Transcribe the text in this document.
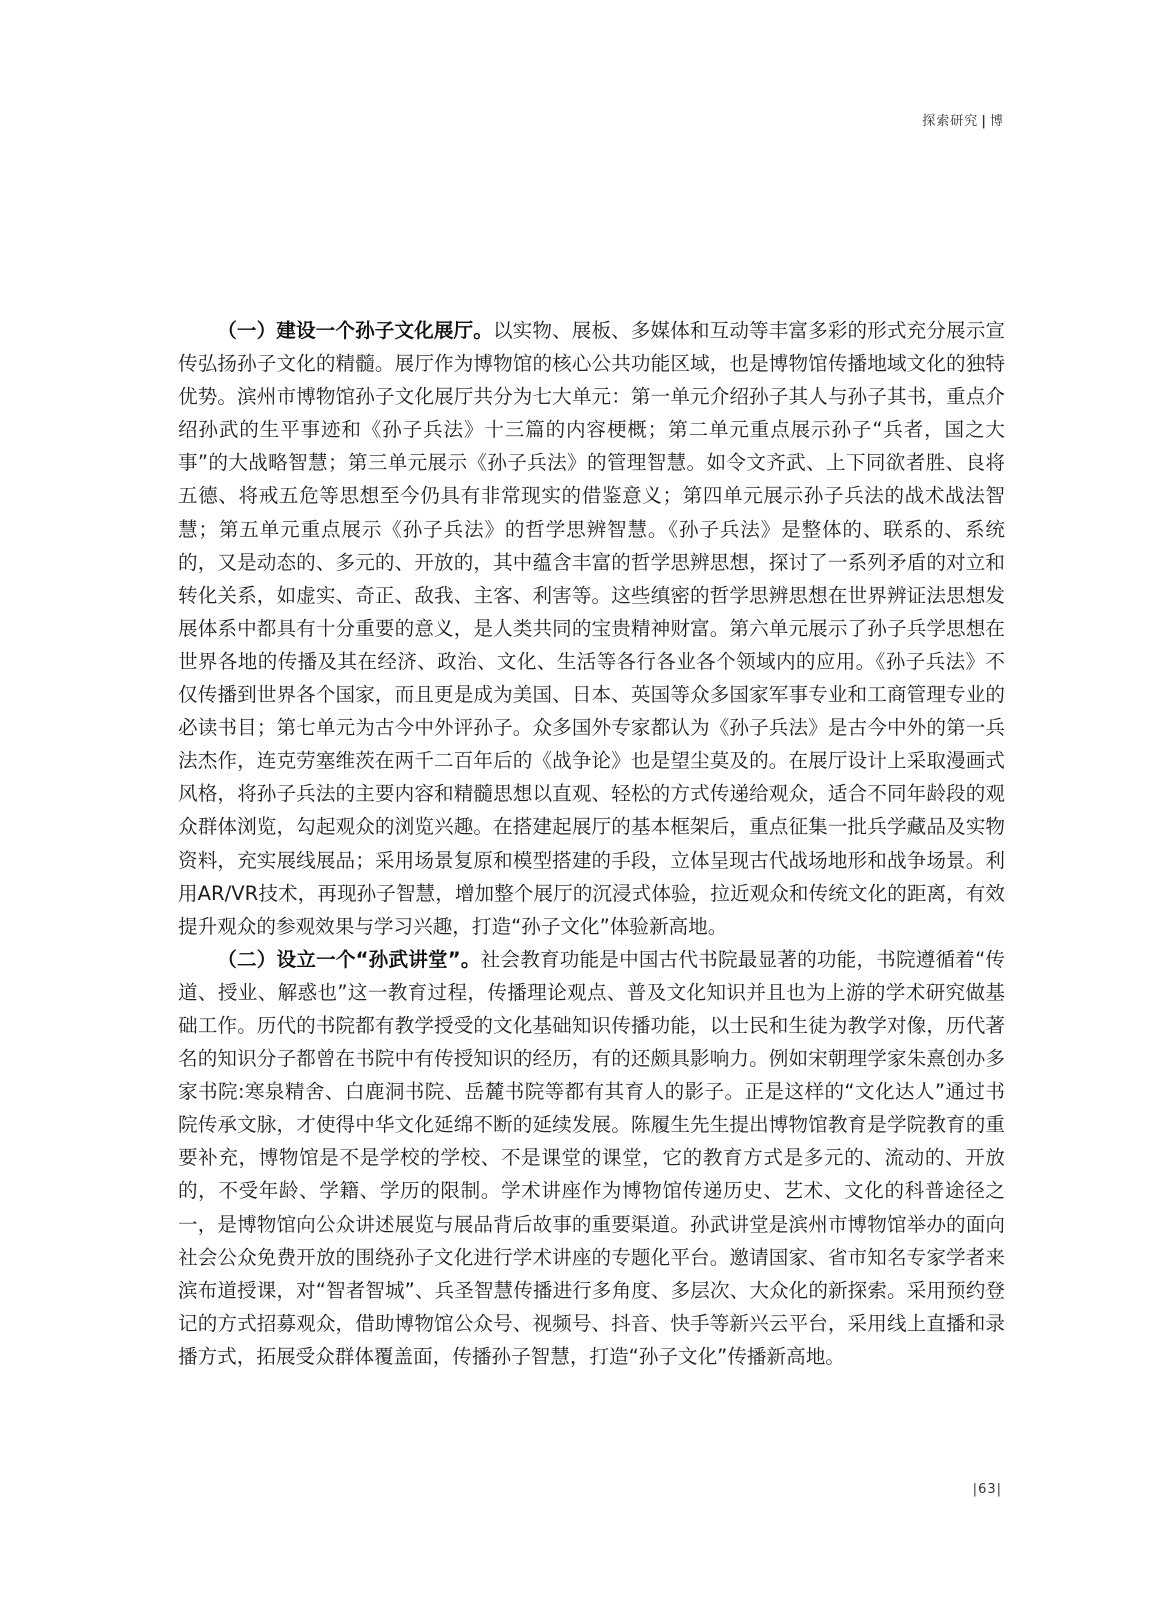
探索研究 | 博

（一）建设一个孙子文化展厅。以实物、展板、多媒体和互动等丰富多彩的形式充分展示宣传弘扬孙子文化的精髓。展厅作为博物馆的核心公共功能区域，也是博物馆传播地域文化的独特优势。滨州市博物馆孙子文化展厅共分为七大单元：第一单元介绍孙子其人与孙子其书，重点介绍孙武的生平事迹和《孙子兵法》十三篇的内容梗概；第二单元重点展示孙子“兵者，国之大事”的大战略智慧；第三单元展示《孙子兵法》的管理智慧。如令文齐武、上下同欲者胜、良将五德、将戒五危等思想至今仍具有非常现实的借鉴意义；第四单元展示孙子兵法的战术战法智慧；第五单元重点展示《孙子兵法》的哲学思辨智慧。《孙子兵法》是整体的、联系的、系统的，又是动态的、多元的、开放的，其中蕴含丰富的哲学思辨思想，探讨了一系列矛盾的对立和转化关系，如虚实、奇正、敌我、主客、利害等。这些缜密的哲学思辨思想在世界辨证法思想发展体系中都具有十分重要的意义，是人类共同的宝贵精神财富。第六单元展示了孙子兵学思想在世界各地的传播及其在经济、政治、文化、生活等各行各业各个领域内的应用。《孙子兵法》不仅传播到世界各个国家，而且更是成为美国、日本、英国等众多国家军事专业和工商管理专业的必读书目；第七单元为古今中外评孙子。众多国外专家都认为《孙子兵法》是古今中外的第一兵法杰作，连克劳塞维茨在两千二百年后的《战争论》也是望尘莫及的。在展厅设计上采取漫画式风格，将孙子兵法的主要内容和精髓思想以直观、轻松的方式传递给观众，适合不同年龄段的观众群体浏览，勾起观众的浏览兴趣。在搭建起展厅的基本框架后，重点征集一批兵学藏品及实物资料，充实展线展品；采用场景复原和模型搭建的手段，立体呈现古代战场地形和战争场景。利用AR/VR技术，再现孙子智慧，增加整个展厅的沉浸式体验，拉近观众和传统文化的距离，有效提升观众的参观效果与学习兴趣，打造“孙子文化”体验新高地。

（二）设立一个“孙武讲堂”。社会教育功能是中国古代书院最显著的功能，书院遵循着“传道、授业、解惑也”这一教育过程，传播理论观点、普及文化知识并且也为上游的学术研究做基础工作。历代的书院都有教学授受的文化基础知识传播功能，以士民和生徒为教学对像，历代著名的知识分子都曾在书院中有传授知识的经历，有的还颇具影响力。例如宋朝理学家朱熹创办多家书院:寒泉精舍、白鹿洞书院、岳麓书院等都有其育人的影子。正是这样的“文化达人”通过书院传承文脉，才使得中华文化延绵不断的延续发展。陈履生先生提出博物馆教育是学院教育的重要补充，博物馆是不是学校的学校、不是课堂的课堂，它的教育方式是多元的、流动的、开放的，不受年龄、学籍、学历的限制。学术讲座作为博物馆传递历史、艺术、文化的科普途径之一，是博物馆向公众讲述展览与展品背后故事的重要渠道。孙武讲堂是滨州市博物馆举办的面向社会公众免费开放的围绕孙子文化进行学术讲座的专题化平台。邀请国家、省市知名专家学者来滨布道授课，对“智者智城”、兵圣智慧传播进行多角度、多层次、大众化的新探索。采用预约登记的方式招募观众，借助博物馆公众号、视频号、抖音、快手等新兴云平台，采用线上直播和录播方式，拓展受众群体覆盖面，传播孙子智慧，打造“孙子文化”传播新高地。

|63|
